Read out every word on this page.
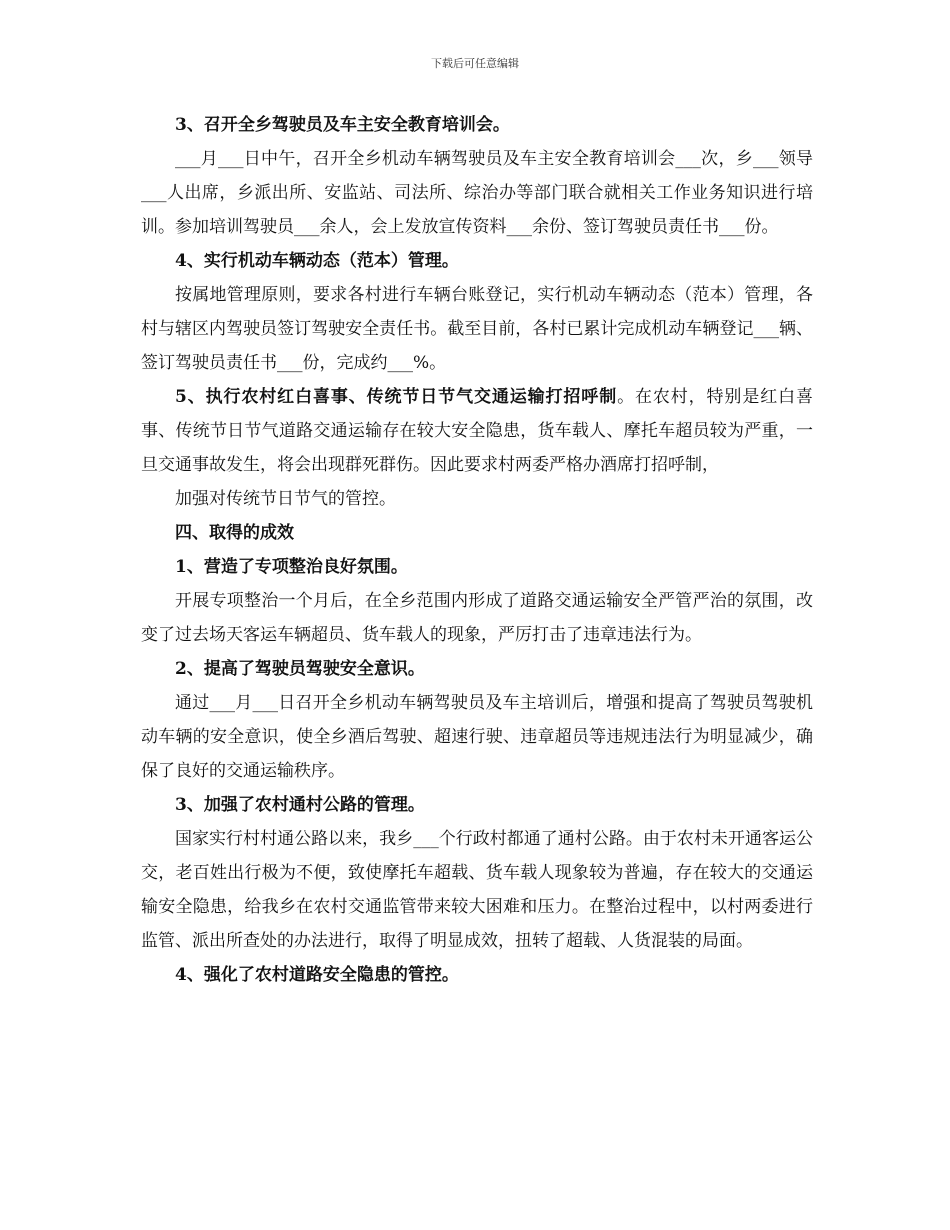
下载后可任意编辑

3、召开全乡驾驶员及车主安全教育培训会。

___月___日中午，召开全乡机动车辆驾驶员及车主安全教育培训会___次，乡___领导___人出席，乡派出所、安监站、司法所、综治办等部门联合就相关工作业务知识进行培训。参加培训驾驶员___余人，会上发放宣传资料___余份、签订驾驶员责任书___份。

4、实行机动车辆动态（范本）管理。

按属地管理原则，要求各村进行车辆台账登记，实行机动车辆动态（范本）管理，各村与辖区内驾驶员签订驾驶安全责任书。截至目前，各村已累计完成机动车辆登记___辆、签订驾驶员责任书___份，完成约___%。

5、执行农村红白喜事、传统节日节气交通运输打招呼制。在农村，特别是红白喜事、传统节日节气道路交通运输存在较大安全隐患，货车载人、摩托车超员较为严重，一旦交通事故发生，将会出现群死群伤。因此要求村两委严格办酒席打招呼制，

加强对传统节日节气的管控。

四、取得的成效

1、营造了专项整治良好氛围。

开展专项整治一个月后，在全乡范围内形成了道路交通运输安全严管严治的氛围，改变了过去场天客运车辆超员、货车载人的现象，严厉打击了违章违法行为。

2、提高了驾驶员驾驶安全意识。

通过___月___日召开全乡机动车辆驾驶员及车主培训后，增强和提高了驾驶员驾驶机动车辆的安全意识，使全乡酒后驾驶、超速行驶、违章超员等违规违法行为明显减少，确保了良好的交通运输秩序。

3、加强了农村通村公路的管理。

国家实行村村通公路以来，我乡___个行政村都通了通村公路。由于农村未开通客运公交，老百姓出行极为不便，致使摩托车超载、货车载人现象较为普遍，存在较大的交通运输安全隐患，给我乡在农村交通监管带来较大困难和压力。在整治过程中，以村两委进行监管、派出所查处的办法进行，取得了明显成效，扭转了超载、人货混装的局面。

4、强化了农村道路安全隐患的管控。
